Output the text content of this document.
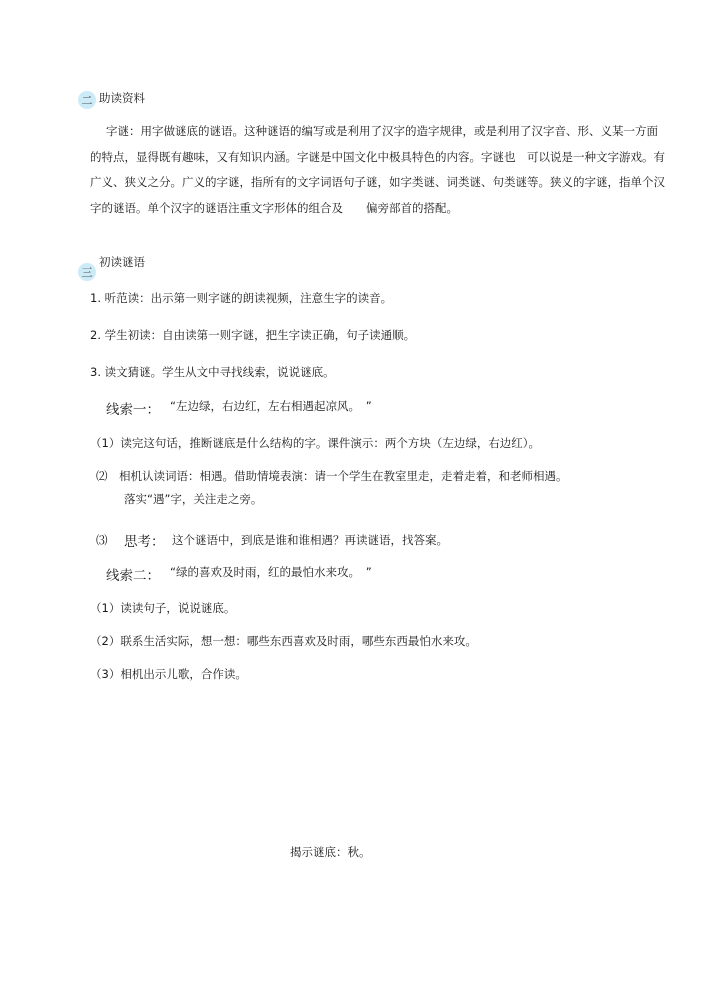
二 助读资料
字谜：用字做谜底的谜语。这种谜语的编写或是利用了汉字的造字规律，或是利用了汉字音、形、义某一方面的特点，显得既有趣味，又有知识内涵。字谜是中国文化中极具特色的内容。字谜也　可以说是一种文字游戏。有广义、狭义之分。广义的字谜，指所有的文字词语句子谜，如字类谜、词类谜、句类谜等。狭义的字谜，指单个汉字的谜语。单个汉字的谜语注重文字形体的组合及　　偏旁部首的搭配。
三
初读谜语
1. 听范读：出示第一则字谜的朗读视频，注意生字的读音。
2. 学生初读：自由读第一则字谜，把生字读正确，句子读通顺。
3. 读文猜谜。学生从文中寻找线索，说说谜底。
线索一： “左边绿，右边红，左右相遇起凉风。　”
（1）读完这句话，推断谜底是什么结构的字。课件演示：两个方块（左边绿，右边红）。
⑵　相机认读词语：相遇。借助情境表演：请一个学生在教室里走，走着走着，和老师相遇。
落实“遇”字，关注走之旁。
⑶ 思考： 这个谜语中，到底是谁和谁相遇？再读谜语，找答案。
线索二： “绿的喜欢及时雨，红的最怕水来攻。　”
（1）读读句子，说说谜底。
（2）联系生活实际，想一想：哪些东西喜欢及时雨，哪些东西最怕水来攻。
（3）相机出示儿歌，合作读。
揭示谜底：秋。
